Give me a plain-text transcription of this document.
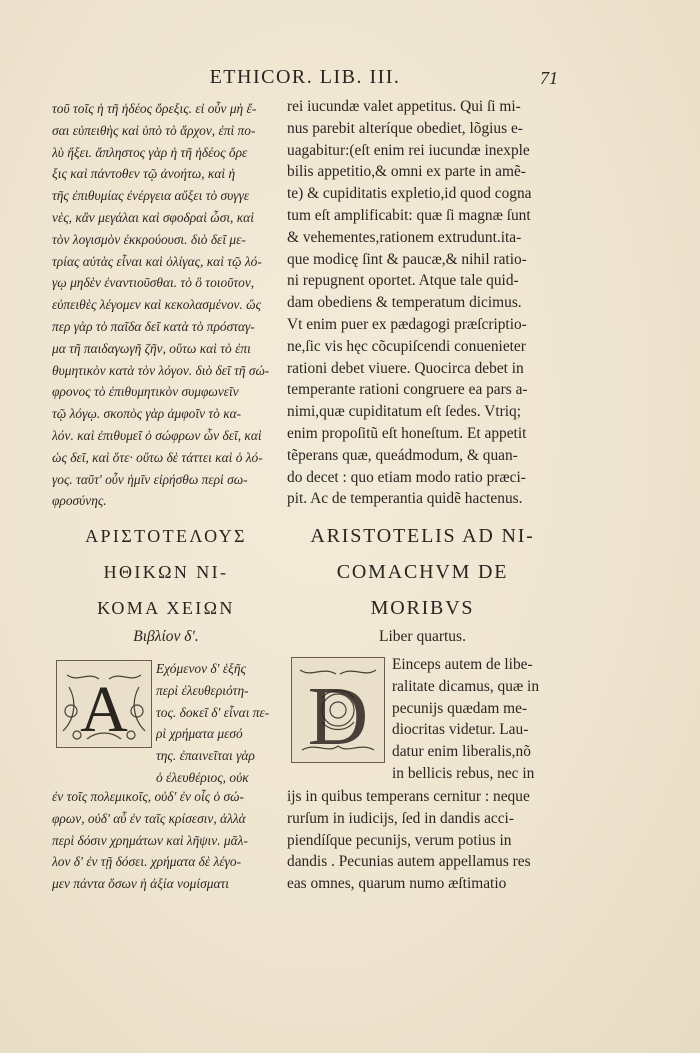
ETHICOR. LIB. III.	71
τοῦ τοῖς ἡ τῆ ἡδέος ὄρεξις. εἰ οὖν μὴ ἔ-
σαι εὐπειθὴς καὶ ὑπὸ τὸ ἄρχον, ἐπὶ πο-
λὺ ἥξει. ἄπληστος γὰρ ἡ τῆ ἡδέος ὄρε
ξις καὶ πάντοθεν τῷ ἀνοήτω, καὶ ἡ
τῆς ἐπιθυμίας ἐνέργεια αὔξει τὸ συγγε
νὲς, κἂν μεγάλαι καὶ σφοδραὶ ὦσι, καὶ
τὸν λογισμὸν ἐκκρούουσι. διὸ δεῖ με-
τρίας αὐτὰς εἶναι καὶ ὀλίγας, καὶ τῷ λό-
γῳ μηδὲν ἐναντιοῦσθαι. τὸ ὃ τοιοῦτον,
εὐπειθὲς λέγομεν καὶ κεκολασμένον. ὥς
περ γὰρ τὸ παῖδα δεῖ κατὰ τὸ πρόσταγ-
μα τῆ παιδαγωγῆ ζῆν, οὕτω καὶ τὸ ἐπι
θυμητικὸν κατὰ τὸν λόγον. διὸ δεῖ τῆ σώ-
φρονος τὸ ἐπιθυμητικὸν συμφωνεῖν
τῷ λόγῳ. σκοπὸς γὰρ ἀμφοῖν τὸ κα-
λόν. καὶ ἐπιθυμεῖ ὁ σώφρων ὧν δεῖ, καὶ
ὡς δεῖ, καὶ ὅτε· οὕτω δὲ τάττει καὶ ὁ λό-
γος. ταῦτ' οὖν ἡμῖν εἰρήσθω περὶ σω-
φροσύνης.
rei iucundæ valet appetitus. Qui ſi mi-
nus parebit alteríque obediet, lõgius e-
uagabitur:(eſt enim rei iucundæ inexple
bilis appetitio,& omni ex parte in amẽ-
te) & cupiditatis expletio,id quod cogna
tum eſt amplificabit: quæ ſi magnæ ſunt
& vehementes,rationem extrudunt.ita-
que modicę ſint & paucæ,& nihil ratio-
ni repugnent oportet. Atque tale quid-
dam obediens & temperatum dicimus.
Vt enim puer ex pædagogi præſcriptio-
ne,ſic vis hęc cõcupiſcendi conuenieter
rationi debet viuere. Quocirca debet in
temperante rationi congruere ea pars a-
nimi,quæ cupiditatum eſt ſedes. Vtriq;
enim propoſitũ eſt honeſtum. Et appetit
tẽperans quæ, queádmodum, & quan-
do decet : quo etiam modo ratio præci-
pit. Ac de temperantia quidẽ hactenus.
ΑΡΙΣΤΟΤΕΛΟΥΣ
ΗΘΙΚΩΝ ΝΙ-
ΚΟΜΑ ΧΕΙΩΝ
Βιβλίον δʹ.
ARISTOTELIS AD NI-
COMACHVM DE
MORIBVS
Liber quartus.
Α
Εχόμενον δ' ἑξῆς
περὶ ἐλευθεριότη-
τος. δοκεῖ δ' εἶναι πε-
ρὶ χρήματα μεσό
της. ἐπαινεῖται γὰρ
ὁ ἐλευθέριος, οὐκ
ἐν τοῖς πολεμικοῖς, οὐδ' ἐν οἷς ὁ σώ-
φρων, οὐδ' αὖ ἐν ταῖς κρίσεσιν, ἀλλὰ
περὶ δόσιν χρημάτων καὶ λῆψιν. μᾶλ-
λον δ' ἐν τῇ δόσει. χρήματα δὲ λέγο-
μεν πάντα ὅσων ἡ ἀξία νομίσματι
D
Einceps autem de libe-
ralitate dicamus, quæ in
pecunijs quædam me-
diocritas videtur. Lau-
datur enim liberalis,nõ
in bellicis rebus, nec in
ijs in quibus temperans cernitur : neque
rurſum in iudicijs, ſed in dandis acci-
piendíſque pecunijs, verum potius in
dandis . Pecunias autem appellamus res
eas omnes, quarum numo æſtimatio
